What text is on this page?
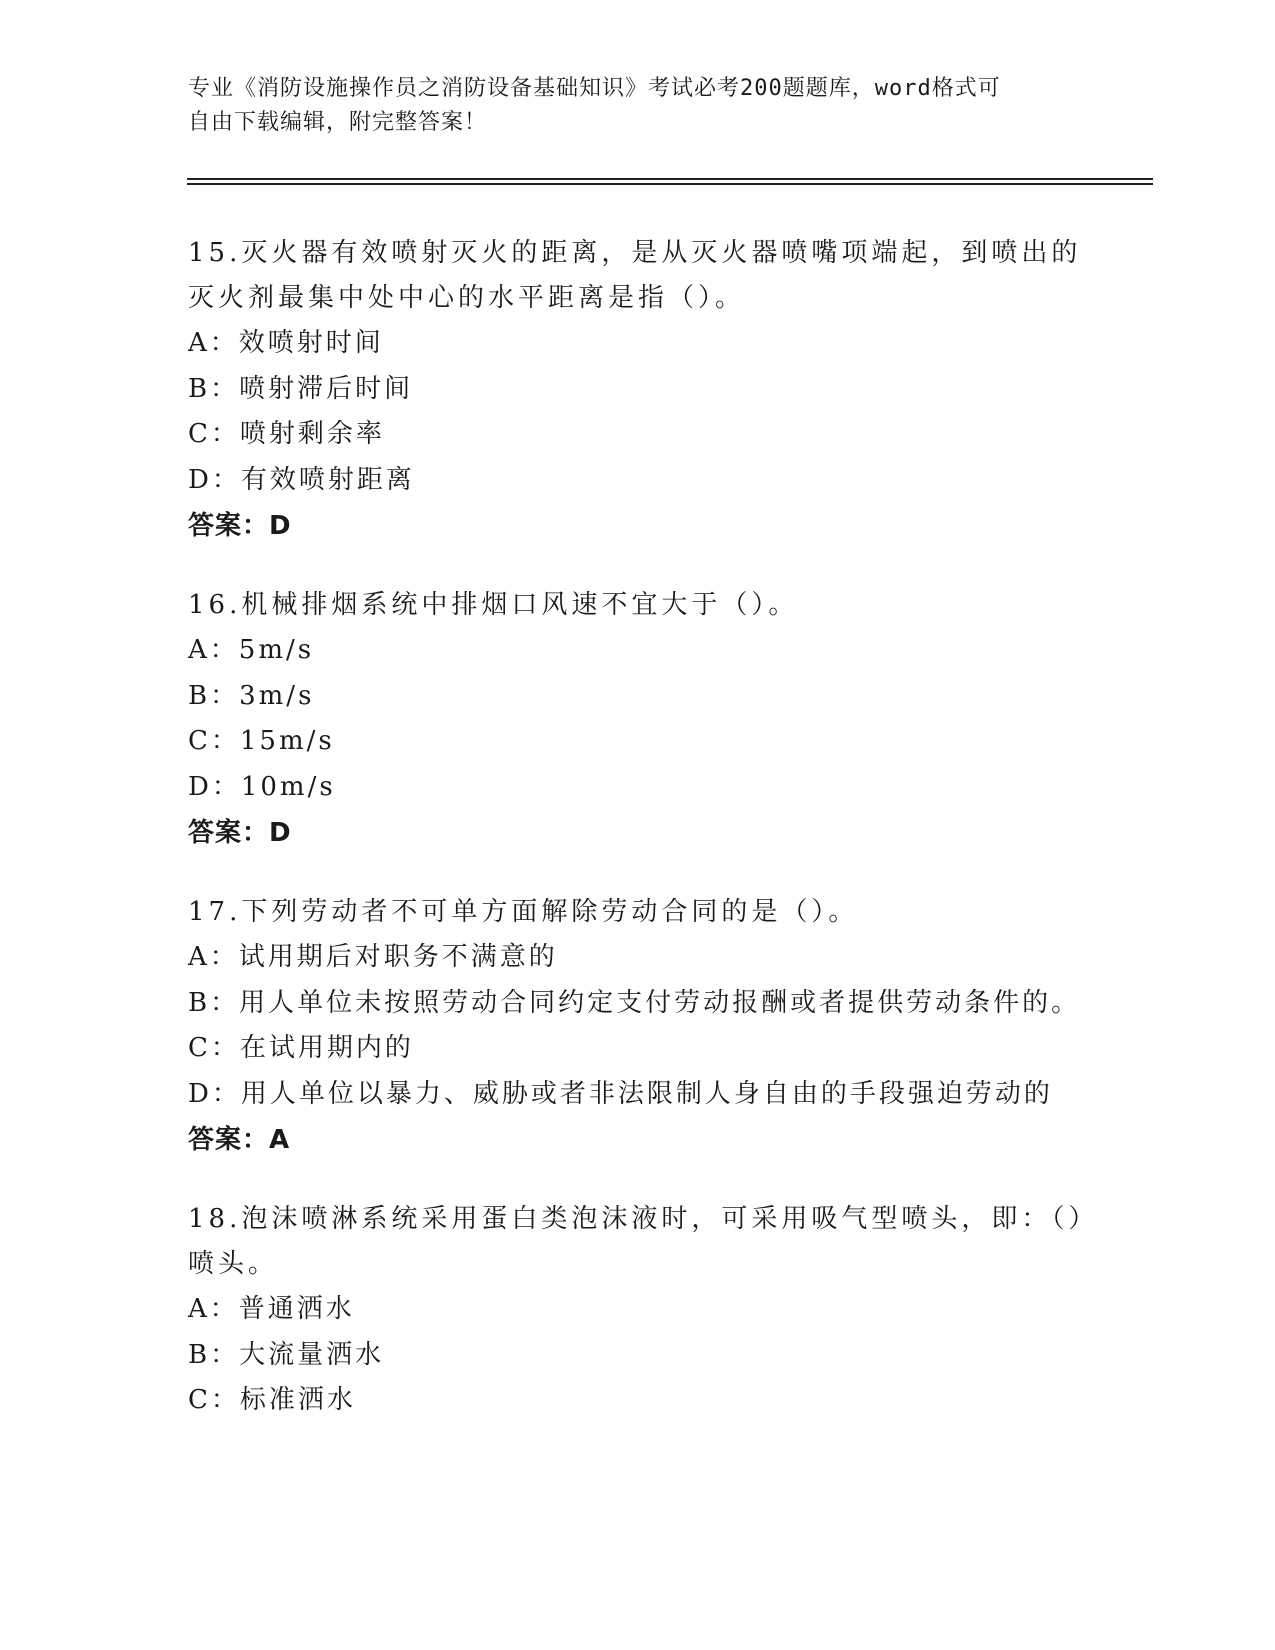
专业《消防设施操作员之消防设备基础知识》考试必考200题题库，word格式可
自由下载编辑，附完整答案！
15.灭火器有效喷射灭火的距离，是从灭火器喷嘴项端起，到喷出的灭火剂最集中处中心的水平距离是指（）。
A：效喷射时间
B：喷射滞后时间
C：喷射剩余率
D：有效喷射距离
答案：D
16.机械排烟系统中排烟口风速不宜大于（）。
A：5m/s
B：3m/s
C：15m/s
D：10m/s
答案：D
17.下列劳动者不可单方面解除劳动合同的是（）。
A：试用期后对职务不满意的
B：用人单位未按照劳动合同约定支付劳动报酬或者提供劳动条件的。
C：在试用期内的
D：用人单位以暴力、威胁或者非法限制人身自由的手段强迫劳动的
答案：A
18.泡沫喷淋系统采用蛋白类泡沫液时，可采用吸气型喷头，即：（）喷头。
A：普通洒水
B：大流量洒水
C：标准洒水
